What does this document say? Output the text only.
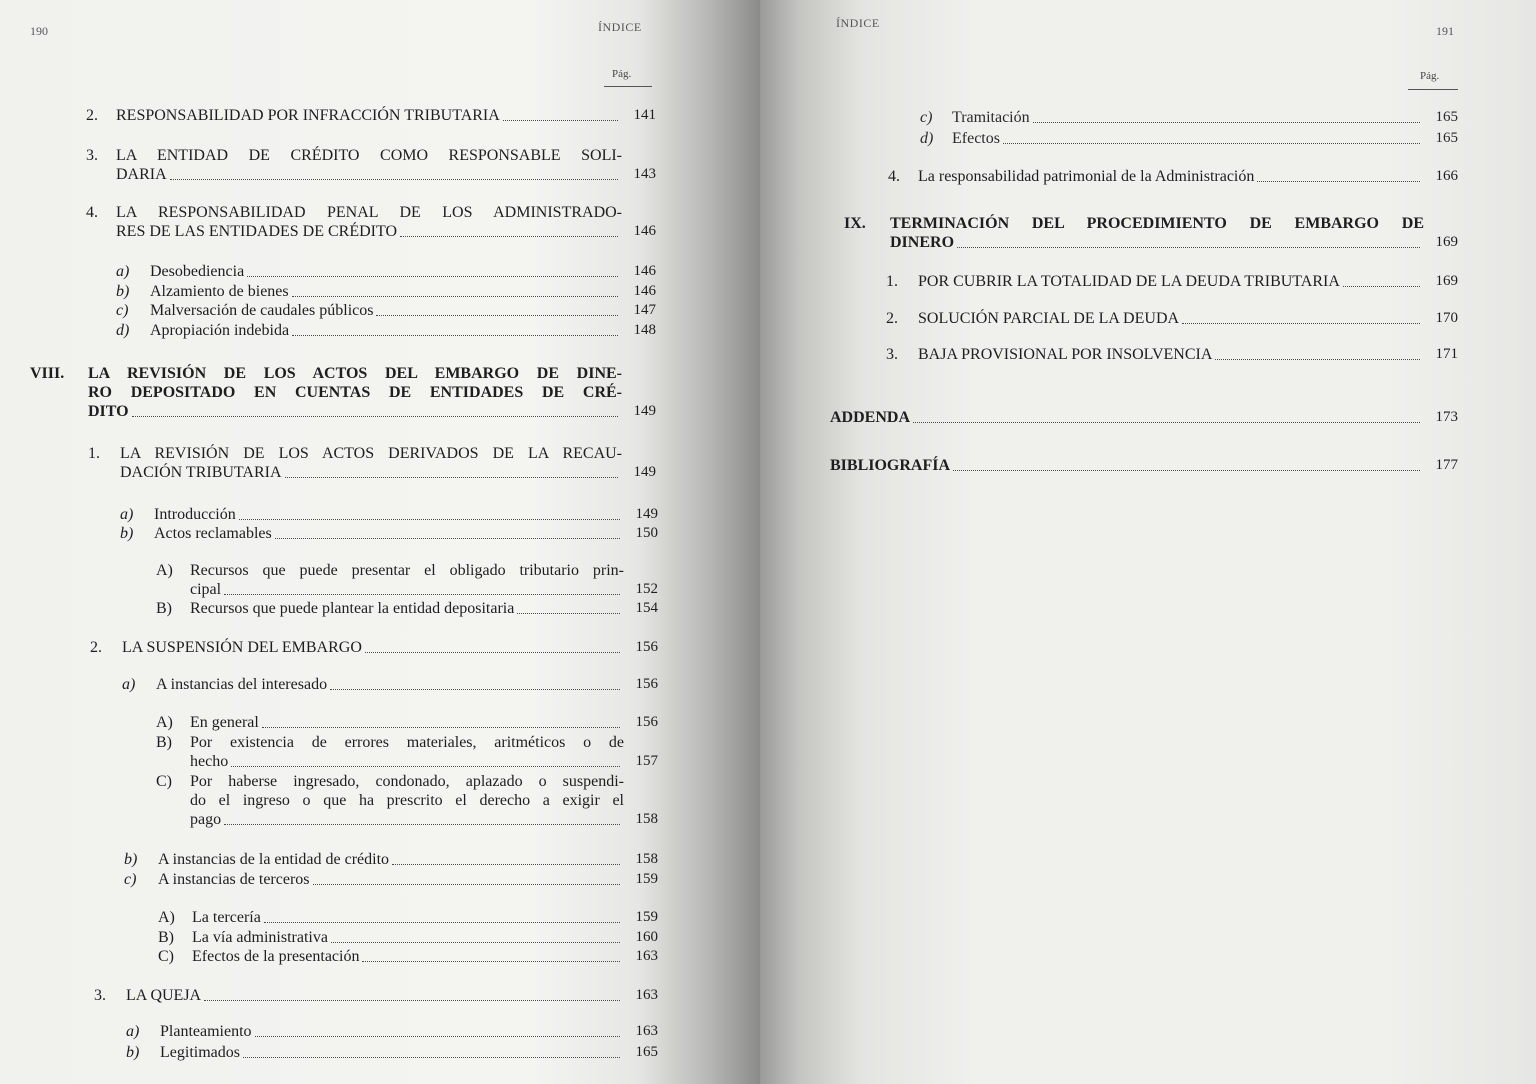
190	ÍNDICE
Pág.
2.	RESPONSABILIDAD POR INFRACCIÓN TRIBUTARIA	141
3.	LA ENTIDAD DE CRÉDITO COMO RESPONSABLE SOLI-
DARIA	143
4.	LA RESPONSABILIDAD PENAL DE LOS ADMINISTRADO-
RES DE LAS ENTIDADES DE CRÉDITO	146
a)	Desobediencia	146
b)	Alzamiento de bienes	146
c)	Malversación de caudales públicos	147
d)	Apropiación indebida	148
VIII.	LA REVISIÓN DE LOS ACTOS DEL EMBARGO DE DINE-
RO DEPOSITADO EN CUENTAS DE ENTIDADES DE CRÉ-
DITO	149
1.	LA REVISIÓN DE LOS ACTOS DERIVADOS DE LA RECAU-
DACIÓN TRIBUTARIA	149
a)	Introducción	149
b)	Actos reclamables	150
A)	Recursos que puede presentar el obligado tributario prin-
cipal	152
B)	Recursos que puede plantear la entidad depositaria	154
2.	LA SUSPENSIÓN DEL EMBARGO	156
a)	A instancias del interesado	156
A)	En general	156
B)	Por existencia de errores materiales, aritméticos o de
hecho	157
C)	Por haberse ingresado, condonado, aplazado o suspendi-
do el ingreso o que ha prescrito el derecho a exigir el
pago	158
b)	A instancias de la entidad de crédito	158
c)	A instancias de terceros	159
A)	La tercería	159
B)	La vía administrativa	160
C)	Efectos de la presentación	163
3.	LA QUEJA	163
a)	Planteamiento	163
b)	Legitimados	165
ÍNDICE
191
Pág.
c)	Tramitación	165
d)	Efectos	165
4.	La responsabilidad patrimonial de la Administración	166
IX.	TERMINACIÓN DEL PROCEDIMIENTO DE EMBARGO DE
DINERO	169
1.	POR CUBRIR LA TOTALIDAD DE LA DEUDA TRIBUTARIA	169
2.	SOLUCIÓN PARCIAL DE LA DEUDA	170
3.	BAJA PROVISIONAL POR INSOLVENCIA	171
ADDENDA	173
BIBLIOGRAFÍA	177
